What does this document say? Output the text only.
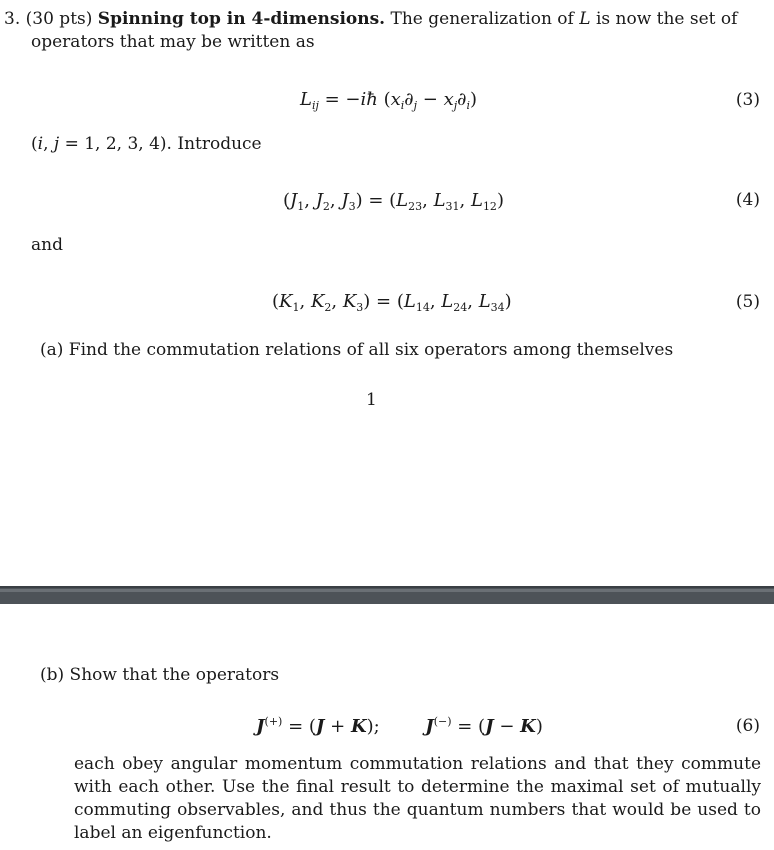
3. (30 pts) Spinning top in 4-dimensions. The generalization of L is now the set of
operators that may be written as
$L_{ij}$ = −iħ $(x_i\partial_j - x_j\partial_i)$	(3)
(i, j = 1, 2, 3, 4). Introduce
($J_1$, $J_2$, $J_3) = (L_{23}$, $L_{31}$, $L_{12}$)	(4)
and
($K_1$, $K_2$, $K_3) = (L_{14}$, $L_{24}$, $L_{34}$)	(5)
(a) Find the commutation relations of all six operators among themselves
1
(b) Show that the operators
J(+) = (J + K);	J(−) = (J − K)	(6)
each obey angular momentum commutation relations and that they commute with each other. Use the final result to determine the maximal set of mutually commuting observables, and thus the quantum numbers that would be used to label an eigenfunction.
